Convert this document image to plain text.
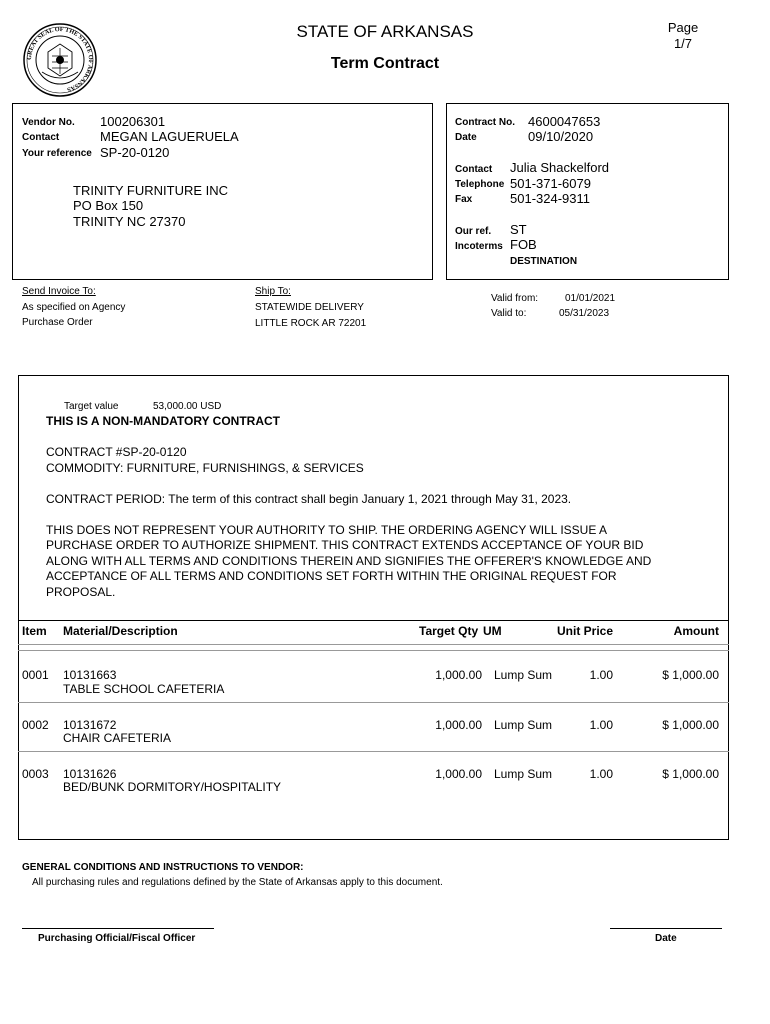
GREAT SEAL OF THE STATE OF ARKANSAS
STATE OF ARKANSAS
Term Contract
Page
1/7
Vendor No. 100206301
Contact	MEGAN LAGUERUELA
Your reference SP-20-0120
TRINITY FURNITURE INC
PO Box 150
TRINITY NC 27370
Contract No. 4600047653
Date	09/10/2020
Contact Julia Shackelford
Telephone 501-371-6079
Fax	501-324-9311
Our ref. ST
Incoterms FOB
DESTINATION
Send Invoice To:
As specified on Agency
Purchase Order
Ship To:
STATEWIDE DELIVERY
LITTLE ROCK AR 72201
Valid from:	01/01/2021
Valid to:	05/31/2023
Target value	53,000.00 USD
THIS IS A NON-MANDATORY CONTRACT
CONTRACT #SP-20-0120
COMMODITY: FURNITURE, FURNISHINGS, & SERVICES
CONTRACT PERIOD: The term of this contract shall begin January 1, 2021 through May 31, 2023.
THIS DOES NOT REPRESENT YOUR AUTHORITY TO SHIP. THE ORDERING AGENCY WILL ISSUE A
PURCHASE ORDER TO AUTHORIZE SHIPMENT. THIS CONTRACT EXTENDS ACCEPTANCE OF YOUR BID
ALONG WITH ALL TERMS AND CONDITIONS THEREIN AND SIGNIFIES THE OFFERER'S KNOWLEDGE AND
ACCEPTANCE OF ALL TERMS AND CONDITIONS SET FORTH WITHIN THE ORIGINAL REQUEST FOR
PROPOSAL.
Item Material/Description	Target Qty UM	Unit Price	Amount
0001 10131663
TABLE SCHOOL CAFETERIA
1,000.00 Lump Sum	1.00	$ 1,000.00
0002 10131672
CHAIR CAFETERIA
1,000.00 Lump Sum	1.00	$ 1,000.00
0003 10131626
BED/BUNK DORMITORY/HOSPITALITY
1,000.00 Lump Sum	1.00	$ 1,000.00
GENERAL CONDITIONS AND INSTRUCTIONS TO VENDOR:
All purchasing rules and regulations defined by the State of Arkansas apply to this document.
Purchasing Official/Fiscal Officer	Date
